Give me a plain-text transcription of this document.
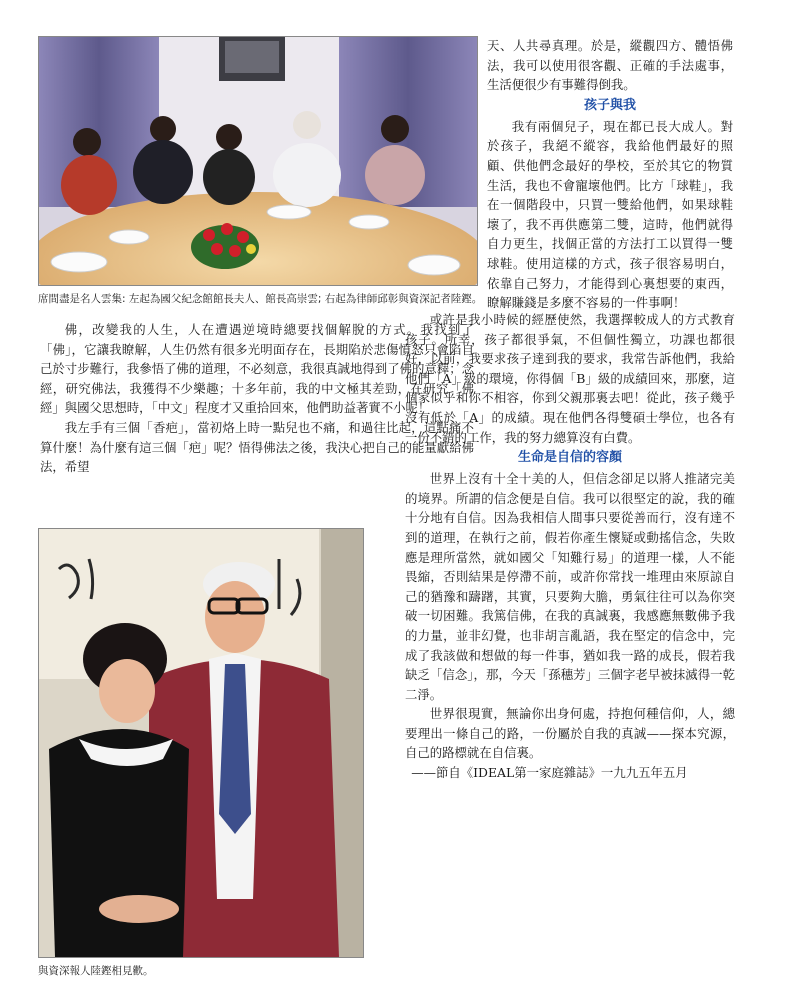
席間盡是名人雲集: 左起為國父紀念館館長夫人、館長高崇雲; 右起為律師邱彰與資深記者陸鏗。

佛，改變我的人生，人在遭遇逆境時總要找個解脫的方式。我找到了「佛」，它讓我瞭解，人生仍然有很多光明面存在，長期陷於悲傷憤怒只會陷自己於寸步難行，我參悟了佛的道理，不必刻意，我很真誠地得到了佛的意釋；念經，研究佛法，我獲得不少樂趣；十多年前，我的中文極其差勁，在研究「佛經」與國父思想時，「中文」程度才又重拾回來，他們助益著實不小呢！

我左手有三個「香疤」，當初烙上時一點兒也不痛，和過往比起，這點痛不算什麼！為什麼有這三個「疤」呢？悟得佛法之後，我決心把自己的能量獻給佛法，希望

與資深報人陸鏗相見歡。

天、人共尋真理。於是，縱觀四方、體悟佛法，我可以使用很客觀、正確的手法處事，生活便很少有事難得倒我。

孩子與我

我有兩個兒子，現在都已長大成人。對於孩子，我絕不縱容，我給他們最好的照顧、供他們念最好的學校，至於其它的物質生活，我也不會寵壞他們。比方「球鞋」，我在一個階段中，只買一雙給他們，如果球鞋壞了，我不再供應第二雙，這時，他們就得自力更生，找個正當的方法打工以買得一雙球鞋。使用這樣的方式，孩子很容易明白，依靠自己努力，才能得到心裏想要的東西，瞭解賺錢是多麼不容易的一件事啊！

或許是我小時候的經歷使然，我選擇較成人的方式教育孩子。所幸，孩子都很爭氣，不但個性獨立，功課也都很好，以前，我要求孩子達到我的要求，我常告訴他們，我給他們「A」級的環境，你得個「B」級的成績回來，那麼，這個家似乎和你不相容，你到父親那裏去吧！從此，孩子幾乎沒有低於「A」的成績。現在他們各得雙碩士學位，也各有一份不錯的工作，我的努力總算沒有白費。

生命是自信的容顏

世界上沒有十全十美的人，但信念卻足以將人推諸完美的境界。所謂的信念便是自信。我可以很堅定的說，我的確十分地有自信。因為我相信人間事只要從善而行，沒有達不到的道理，在執行之前，假若你產生懷疑或動搖信念，失敗應是理所當然，就如國父「知難行易」的道理一樣，人不能畏縮，否則結果是停滯不前，或許你常找一堆理由來原諒自己的猶豫和躊躇，其實，只要夠大膽，勇氣往往可以為你突破一切困難。我篤信佛，在我的真誠裏，我感應無數佛予我的力量，並非幻覺，也非胡言亂語，我在堅定的信念中，完成了我該做和想做的每一件事，猶如我一路的成長，假若我缺乏「信念」，那，今天「孫穗芳」三個字老早被抹滅得一乾二淨。

世界很現實，無論你出身何處，持抱何種信仰，人，總要理出一條自己的路，一份屬於自我的真誠——探本究源，自己的路標就在自信裏。

——節自《IDEAL第一家庭雜誌》一九九五年五月
